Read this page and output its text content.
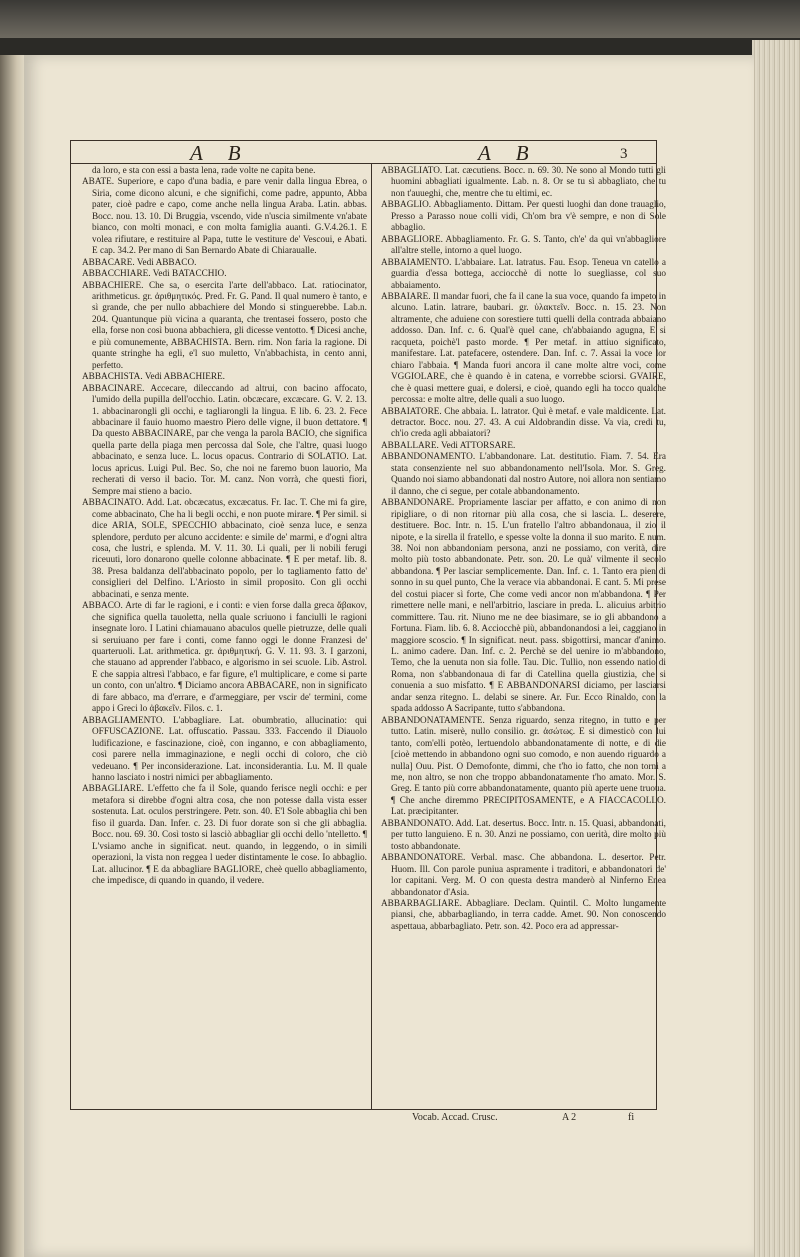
A B	A B	3

da loro, e sta con essi a basta lena, rade volte ne capita bene.

ABATE. Superiore, e capo d'una badia, e pare venir dalla lingua Ebrea, o Siria, come dicono alcuni, e che significhi, come padre, appunto, Abba pater, cioè padre e capo, come anche nella lingua Araba. Latin. abbas. Bocc. nou. 13. 10. Di Bruggia, vscendo, vide n'uscia similmente vn'abate bianco, con molti monaci, e con molta famiglia auanti. G.V.4.26.1. E volea rifiutare, e restituire al Papa, tutte le vestiture de' Vescoui, e Abati. E cap. 34.2. Per mano di San Bernardo Abate di Chiarauallе.

ABBACARE. Vedi ABBACO.

ABBACCHIARE. Vedi BATACCHIO.

ABBACHIERE. Che sa, o esercita l'arte dell'abbaco. Lat. ratiocinator, arithmeticus. gr. ἀριθμητικός. Pred. Fr. G. Pand. Il qual numero è tanto, e sì grande, che per nullo abbachiere del Mondo si stinguerebbe. Lab.n. 204. Quantunque più vicina a quaranta, che trentasei fossero, posto che ella, forse non così buona abbachiera, gli dicesse ventotto. ¶ Dicesi anche, e più comunemente, ABBACHISTA. Bern. rim. Non faria la ragione. Di quante stringhe ha egli, e'l suo muletto, Vn'abbachista, in cento anni, perfetto.

ABBACHISTA. Vedi ABBACHIERE.

ABBACINARE. Accecare, dileccando ad altrui, con bacino affocato, l'umido della pupilla dell'occhio. Latin. obcæcare, excæcare. G. V. 2. 13. 1. abbacinarongli gli occhi, e tagliarongli la lingua. E lib. 6. 23. 2. Fece abbacinare il fauio huomo maestro Piero delle vigne, il buon dettatore. ¶ Da questo ABBACINARE, par che venga la parola BACIO, che significa quella parte della piaga men percossa dal Sole, che l'altre, quasi luogo abbacinato, e senza luce. L. locus opacus. Contrario di SOLATIO. Lat. locus apricus. Luigi Pul. Bec. So, che noi ne faremo buon lauorio, Ma recherati di verso il bacio. Tor. M. canz. Non vorrà, che questi fiori, Sempre mai stieno a bacio.

ABBACINATO. Add. Lat. obcæcatus, excæcatus. Fr. Iac. T. Che mi fa gire, come abbacinato, Che ha li begli occhi, e non puote mirare. ¶ Per simil. si dice ARIA, SOLE, SPECCHIO abbacinato, cioè senza luce, e senza splendore, perduto per alcuno accidente: e simile de' marmi, e d'ogni altra cosa, che lustri, e splenda. M. V. 11. 30. Li quali, per li nobili ferugi riceuuti, loro donarono quelle colonne abbacinate. ¶ E per metaf. lib. 8. 38. Presa baldanza dell'abbacinato popolo, per lo tagliamento fatto de' consiglieri del Delfino. L'Ariosto in simil proposito. Con gli occhi abbacinati, e senza mente.

ABBACO. Arte di far le ragioni, e i conti: e vien forse dalla greca ἄβακον, che significa quella tauoletta, nella quale scriuono i fanciulli le ragioni insegnate loro. I Latini chiamauano abaculos quelle pietruzze, delle quali si seruiuano per fare i conti, come fanno oggi le donne Franzesi de' quarteruoli. Lat. arithmetica. gr. ἀριθμητική. G. V. 11. 93. 3. I garzoni, che stauano ad apprender l'abbaco, e algorismo in sei scuole. Lib. Astrol. E che sappia altresì l'abbaco, e far figure, e'l multiplicare, e come si parte un conto, con un'altro. ¶ Diciamo ancora ABBACARE, non in significato di fare abbaco, ma d'errare, e d'armeggiare, per vscir de' termini, come appo i Greci lo ἀβακεῖν. Filos. c. 1.

ABBAGLIAMENTO. L'abbagliare. Lat. obumbratio, allucinatio: qui OFFUSCAZIONE. Lat. offuscatio. Passau. 333. Faccendo il Diauolo ludificazione, e fascinazione, cioè, con inganno, e con abbagliamento, così parere nella immaginazione, e negli occhi di coloro, che ciò vedeuano. ¶ Per inconsiderazione. Lat. inconsiderantia. Lu. M. Il quale hanno lasciato i nostri nimici per abbagliamento.

ABBAGLIARE. L'effetto che fa il Sole, quando ferisce negli occhi: e per metafora si direbbe d'ogni altra cosa, che non potesse dalla vista esser sostenuta. Lat. oculos perstringere. Petr. son. 40. E'l Sole abbaglia chi ben fiso il guarda. Dan. Infer. c. 23. Di fuor dorate son sì che gli abbaglia. Bocc. nou. 69. 30. Così tosto si lasciò abbagliar gli occhi dello 'ntelletto. ¶ L'vsiamo anche in significat. neut. quando, in leggendo, o in simili operazioni, la vista non reggea l ueder distintamente le cose. Io abbaglio. Lat. allucinor. ¶ E da abbagliare BAGLIORE, cheè quello abbagliamento, che impedisce, di quando in quando, il vedere.

ABBAGLIATO. Lat. cæcutiens. Bocc. n. 69. 30. Ne sono al Mondo tutti gli huomini abbagliati igualmente. Lab. n. 8. Or se tu sì abbagliato, che tu non t'auueghi, che, mentre che tu eltimi, ec.

ABBAGLIO. Abbagliamento. Dittam. Per questi luoghi dan done trauaglio, Presso a Parasso noue colli vidi, Ch'om bra v'è sempre, e non di Sole abbaglio.

ABBAGLIORE. Abbagliamento. Fr. G. S. Tanto, ch'e' da quì vn'abbagliore all'altre stelle, intorno a quel luogo.

ABBAIAMENTO. L'abbaiare. Lat. latratus. Fau. Esop. Teneua vn catello a guardia d'essa bottega, acciocchè di notte lo suegliasse, col suo abbaiamento.

ABBAIARE. Il mandar fuori, che fa il cane la sua voce, quando fa impeto in alcuno. Latin. latrare, baubari. gr. ὑλακτεῖν. Bocc. n. 15. 23. Non altramente, che aduiene con sorestiere tutti quelli della contrada abbaiano addosso. Dan. Inf. c. 6. Qual'è quel cane, ch'abbaiando agugna, E si racqueta, poichè'l pasto morde. ¶ Per metaf. in attiuo significato, manifestare. Lat. patefacere, ostendere. Dan. Inf. c. 7. Assai la voce lor chiaro l'abbaia. ¶ Manda fuori ancora il cane molte altre voci, come VGGIOLARE, che è quando è in catena, e vorrebbe sciorsi. GVAIRE, che è quasi mettere guai, e dolersi, e cioè, quando egli ha tocco qualche percossa: e molte altre, delle quali a suo luogo.

ABBAIATORE. Che abbaia. L. latrator. Quì è metaf. e vale maldicente. Lat. detractor. Bocc. nou. 27. 43. A cui Aldobrandin disse. Va via, credi tu, ch'io creda agli abbaiatori?

ABBALLARE. Vedi ATTORSARE.

ABBANDONAMENTO. L'abbandonare. Lat. destitutio. Fiam. 7. 54. Era stata consenziente nel suo abbandonamento nell'Isola. Mor. S. Greg. Quando noi siamo abbandonati dal nostro Autore, noi allora non sentiamo il danno, che ci segue, per cotale abbandonamento.

ABBANDONARE. Propriamente lasciar per affatto, e con animo di non ripigliare, o di non ritornar più alla cosa, che si lascia. L. deserere, destituere. Boc. Intr. n. 15. L'un fratello l'altro abbandonaua, il zio il nipote, e la sirella il fratello, e spesse volte la donna il suo marito. E num. 38. Noi non abbandoniam persona, anzi ne possiamo, con verità, dire molto più tosto abbandonate. Petr. son. 20. Le quà' vilmente il secolo abbandona. ¶ Per lasciar semplicemente. Dan. Inf. c. 1. Tanto era pien di sonno in su quel punto, Che la verace via abbandonai. E cant. 5. Mi prese del costui piacer sì forte, Che come vedi ancor non m'abbandona. ¶ Per rimettere nelle mani, e nell'arbitrio, lasciare in preda. L. alicuius arbitrio committere. Tau. rit. Niuno me ne dee biasimare, se io gli abbandono a Fortuna. Fiam. lib. 6. 8. Acciocchè più, abbandonandosi a lei, caggiano in maggiore scoscio. ¶ In significat. neut. pass. sbigottirsi, mancar d'animo. L. animo cadere. Dan. Inf. c. 2. Perchè se del uenire io m'abbandono, Temo, che la uenuta non sia folle. Tau. Dic. Tullio, non essendo natio di Roma, non s'abbandonaua di far di Catellina quella giustizia, che si conuenia a suo misfatto. ¶ E ABBANDONARSI diciamo, per lasciarsi andar senza ritegno. L. delabi se sinere. Ar. Fur. Ecco Rinaldo, con la spada addosso A Sacripante, tutto s'abbandona.

ABBANDONATAMENTE. Senza riguardo, senza ritegno, in tutto e per tutto. Latin. miserè, nullo consilio. gr. ἀσώτως. E si dimesticò con lui tanto, com'elli potèo, lertuendolo abbandonatamente di notte, e di die [cioè mettendo in abbandono ogni suo comodo, e non auendo riguardo a nulla] Ouu. Pist. O Demofonte, dimmi, che t'ho io fatto, che non torni a me, non altro, se non che troppo abbandonatamente t'ho amato. Mor. S. Greg. E tanto più corre abbandonatamente, quanto più aperte uene truoua. ¶ Che anche diremmo PRECIPITOSAMENTE, e A FIACCACOLLO. Lat. præcipitanter.

ABBANDONATO. Add. Lat. desertus. Bocc. Intr. n. 15. Quasi, abbandonati, per tutto languieno. E n. 30. Anzi ne possiamo, con uerità, dire molto più tosto abbandonate.

ABBANDONATORE. Verbal. masc. Che abbandona. L. desertor. Petr. Huom. Ill. Con parole puniua aspramente i traditori, e abbandonatori de' lor capitani. Verg. M. O con questa destra manderò al Ninferno Enea abbandonator d'Asia.

ABBARBAGLIARE. Abbagliare. Declam. Quintil. C. Molto lungamente piansi, che, abbarbagliando, in terra cadde. Amet. 90. Non conoscendo aspettaua, abbarbagliato. Petr. son. 42. Poco era ad appressar-

Vocab. Accad. Crusc.	A 2	fi
